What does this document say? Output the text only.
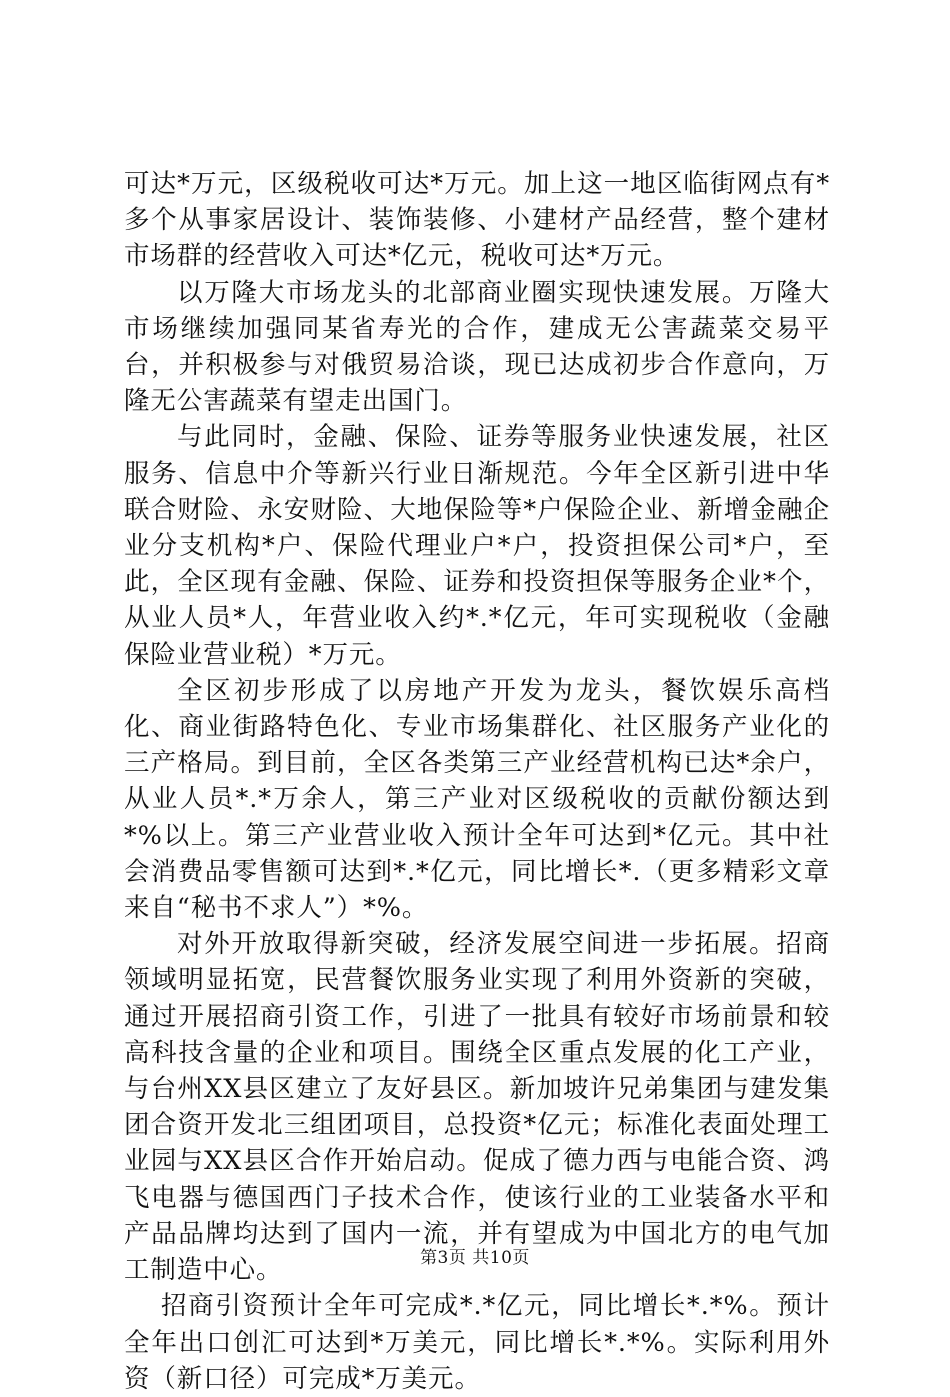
可达*万元，区级税收可达*万元。加上这一地区临街网点有*多个从事家居设计、装饰装修、小建材产品经营，整个建材市场群的经营收入可达*亿元，税收可达*万元。

以万隆大市场龙头的北部商业圈实现快速发展。万隆大市场继续加强同某省寿光的合作，建成无公害蔬菜交易平台，并积极参与对俄贸易洽谈，现已达成初步合作意向，万隆无公害蔬菜有望走出国门。

与此同时，金融、保险、证券等服务业快速发展，社区服务、信息中介等新兴行业日渐规范。今年全区新引进中华联合财险、永安财险、大地保险等*户保险企业、新增金融企业分支机构*户、保险代理业户*户，投资担保公司*户，至此，全区现有金融、保险、证券和投资担保等服务企业*个，从业人员*人，年营业收入约*.*亿元，年可实现税收（金融保险业营业税）*万元。

全区初步形成了以房地产开发为龙头，餐饮娱乐高档化、商业街路特色化、专业市场集群化、社区服务产业化的三产格局。到目前，全区各类第三产业经营机构已达*余户，从业人员*.*万余人，第三产业对区级税收的贡献份额达到*%以上。第三产业营业收入预计全年可达到*亿元。其中社会消费品零售额可达到*.*亿元，同比增长*.（更多精彩文章来自“秘书不求人”）*%。

对外开放取得新突破，经济发展空间进一步拓展。招商领域明显拓宽，民营餐饮服务业实现了利用外资新的突破，通过开展招商引资工作，引进了一批具有较好市场前景和较高科技含量的企业和项目。围绕全区重点发展的化工产业，与台州XX县区建立了友好县区。新加坡许兄弟集团与建发集团合资开发北三组团项目，总投资*亿元；标准化表面处理工业园与XX县区合作开始启动。促成了德力西与电能合资、鸿飞电器与德国西门子技术合作，使该行业的工业装备水平和产品品牌均达到了国内一流，并有望成为中国北方的电气加工制造中心。

招商引资预计全年可完成*.*亿元，同比增长*.*%。预计全年出口创汇可达到*万美元，同比增长*.*%。实际利用外资（新口径）可完成*万美元。

第3页 共10页
